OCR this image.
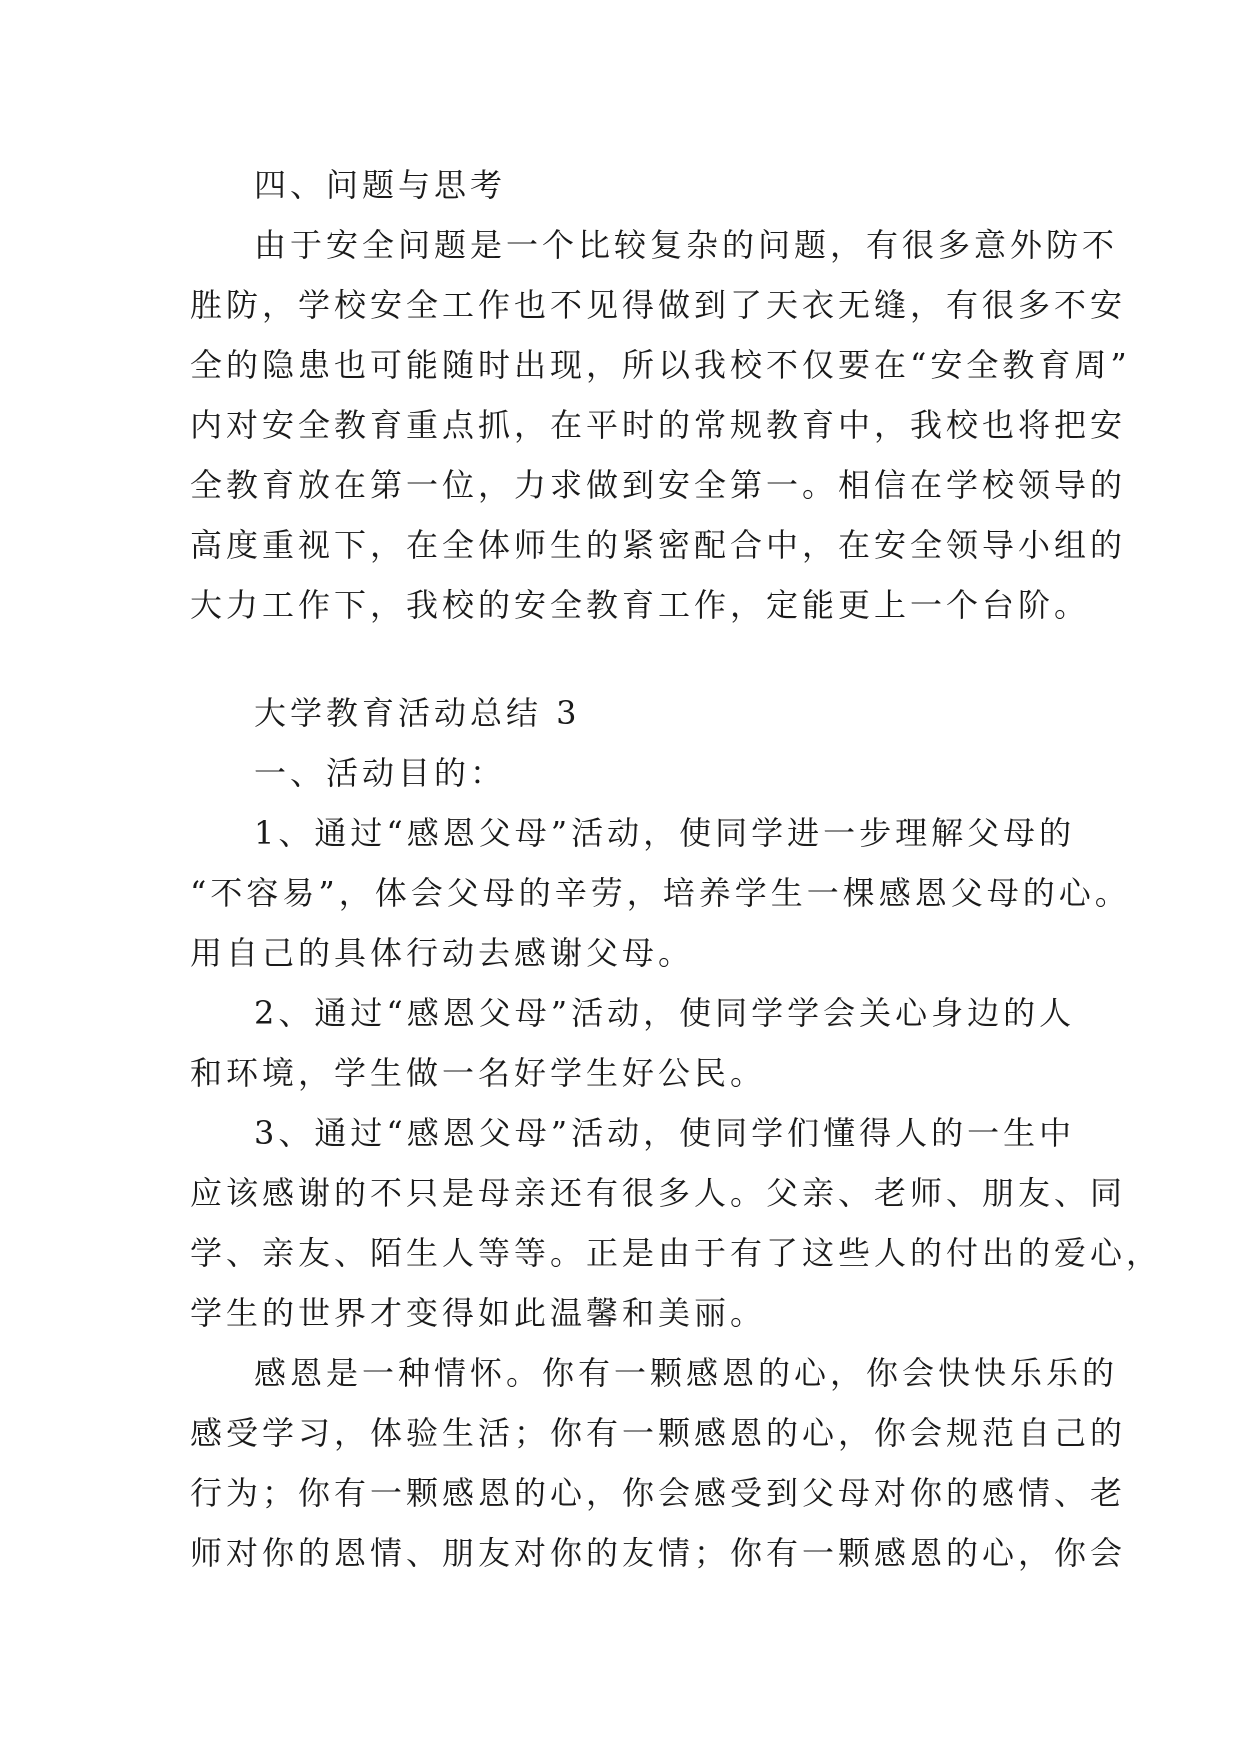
四、问题与思考
由于安全问题是一个比较复杂的问题，有很多意外防不
胜防，学校安全工作也不见得做到了天衣无缝，有很多不安
全的隐患也可能随时出现，所以我校不仅要在“安全教育周”
内对安全教育重点抓，在平时的常规教育中，我校也将把安
全教育放在第一位，力求做到安全第一。相信在学校领导的
高度重视下，在全体师生的紧密配合中，在安全领导小组的
大力工作下，我校的安全教育工作，定能更上一个台阶。
大学教育活动总结 3
一、活动目的：
1、通过“感恩父母”活动，使同学进一步理解父母的
“不容易”，体会父母的辛劳，培养学生一棵感恩父母的心。
用自己的具体行动去感谢父母。
2、通过“感恩父母”活动，使同学学会关心身边的人
和环境，学生做一名好学生好公民。
3、通过“感恩父母”活动，使同学们懂得人的一生中
应该感谢的不只是母亲还有很多人。父亲、老师、朋友、同
学、亲友、陌生人等等。正是由于有了这些人的付出的爱心，
学生的世界才变得如此温馨和美丽。
感恩是一种情怀。你有一颗感恩的心，你会快快乐乐的
感受学习，体验生活；你有一颗感恩的心，你会规范自己的
行为；你有一颗感恩的心，你会感受到父母对你的感情、老
师对你的恩情、朋友对你的友情；你有一颗感恩的心，你会
